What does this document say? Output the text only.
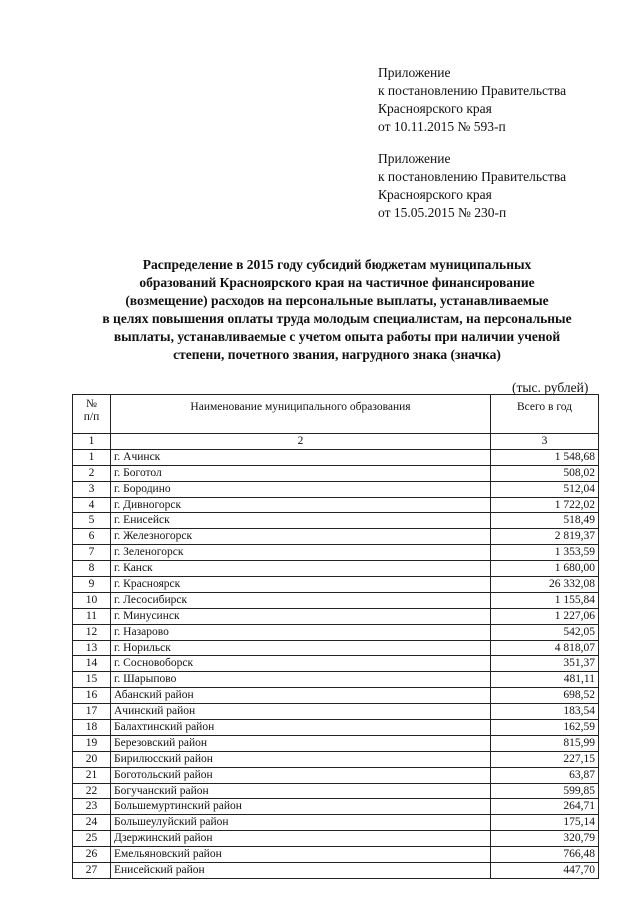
Приложение
к постановлению Правительства
Красноярского края
от 10.11.2015 № 593-п
Приложение
к постановлению Правительства
Красноярского края
от 15.05.2015 № 230-п
Распределение в 2015 году субсидий бюджетам муниципальных
образований Красноярского края на частичное финансирование
(возмещение) расходов на персональные выплаты, устанавливаемые
в целях повышения оплаты труда молодым специалистам, на персональные
выплаты, устанавливаемые с учетом опыта работы при наличии ученой
степени, почетного звания, нагрудного знака (значка)
(тыс. рублей)
№
п/п	Наименование муниципального образования	Всего в год
1	2	3
1	г. Ачинск	1 548,68
2	г. Боготол	508,02
3	г. Бородино	512,04
4	г. Дивногорск	1 722,02
5	г. Енисейск	518,49
6	г. Железногорск	2 819,37
7	г. Зеленогорск	1 353,59
8	г. Канск	1 680,00
9	г. Красноярск	26 332,08
10	г. Лесосибирск	1 155,84
11	г. Минусинск	1 227,06
12	г. Назарово	542,05
13	г. Норильск	4 818,07
14	г. Сосновоборск	351,37
15	г. Шарыпово	481,11
16	Абанский район	698,52
17	Ачинский район	183,54
18	Балахтинский район	162,59
19	Березовский район	815,99
20	Бирилюсский район	227,15
21	Боготольский район	63,87
22	Богучанский район	599,85
23	Большемуртинский район	264,71
24	Большеулуйский район	175,14
25	Дзержинский район	320,79
26	Емельяновский район	766,48
27	Енисейский район	447,70
